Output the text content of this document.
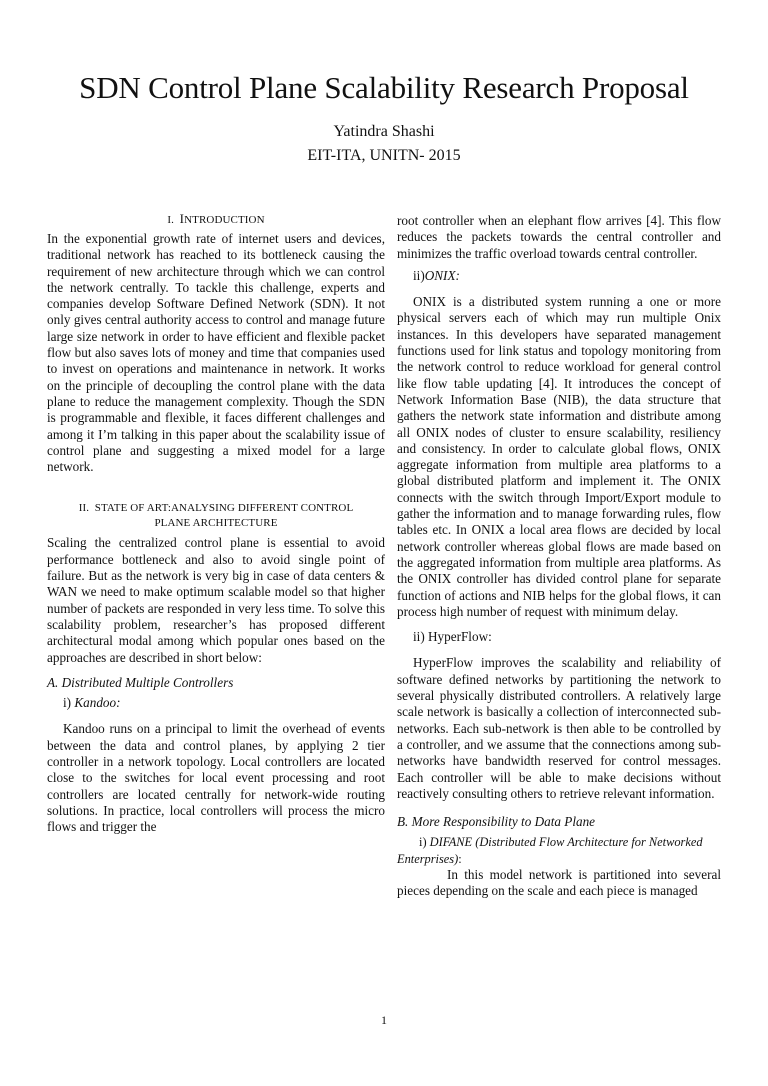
SDN Control Plane Scalability Research Proposal
Yatindra Shashi
EIT-ITA, UNITN- 2015
I. INTRODUCTION

In the exponential growth rate of internet users and devices, traditional network has reached to its bottleneck causing the requirement of new architecture through which we can control the network centrally. To tackle this challenge, experts and companies develop Software Defined Network (SDN). It not only gives central authority access to control and manage future large size network in order to have efficient and flexible packet flow but also saves lots of money and time that companies used to invest on operations and maintenance in network. It works on the principle of decoupling the control plane with the data plane to reduce the management complexity. Though the SDN is programmable and flexible, it faces different challenges and among it I’m talking in this paper about the scalability issue of control plane and suggesting a mixed model for a large network.

II. STATE OF ART:ANALYSING DIFFERENT CONTROL
PLANE ARCHITECTURE

Scaling the centralized control plane is essential to avoid performance bottleneck and also to avoid single point of failure. But as the network is very big in case of data centers & WAN we need to make optimum scalable model so that higher number of packets are responded in very less time. To solve this scalability problem, researcher’s has proposed different architectural modal among which popular ones based on the approaches are described in short below:

A. Distributed Multiple Controllers
i) Kandoo:

Kandoo runs on a principal to limit the overhead of events between the data and control planes, by applying 2 tier controller in a network topology. Local controllers are located close to the switches for local event processing and root controllers are located centrally for network-wide routing solutions. In practice, local controllers will process the micro flows and trigger the

root controller when an elephant flow arrives [4]. This flow reduces the packets towards the central controller and minimizes the traffic overload towards central controller.

ii)ONIX:

ONIX is a distributed system running a one or more physical servers each of which may run multiple Onix instances. In this developers have separated management functions used for link status and topology monitoring from the network control to reduce workload for general control like flow table updating [4]. It introduces the concept of Network Information Base (NIB), the data structure that gathers the network state information and distribute among all ONIX nodes of cluster to ensure scalability, resiliency and consistency. In order to calculate global flows, ONIX aggregate information from multiple area platforms to a global distributed platform and implement it. The ONIX connects with the switch through Import/Export module to gather the information and to manage forwarding rules, flow tables etc. In ONIX a local area flows are decided by local network controller whereas global flows are made based on the aggregated information from multiple area platforms. As the ONIX controller has divided control plane for separate function of actions and NIB helps for the global flows, it can process high number of request with minimum delay.

ii) HyperFlow:

HyperFlow improves the scalability and reliability of software defined networks by partitioning the network to several physically distributed controllers. A relatively large scale network is basically a collection of interconnected sub-networks. Each sub-network is then able to be controlled by a controller, and we assume that the connections among sub-networks have bandwidth reserved for control messages. Each controller will be able to make decisions without reactively consulting others to retrieve relevant information.

B. More Responsibility to Data Plane
i) DIFANE (Distributed Flow Architecture for Networked Enterprises):

In this model network is partitioned into several pieces depending on the scale and each piece is managed

1
